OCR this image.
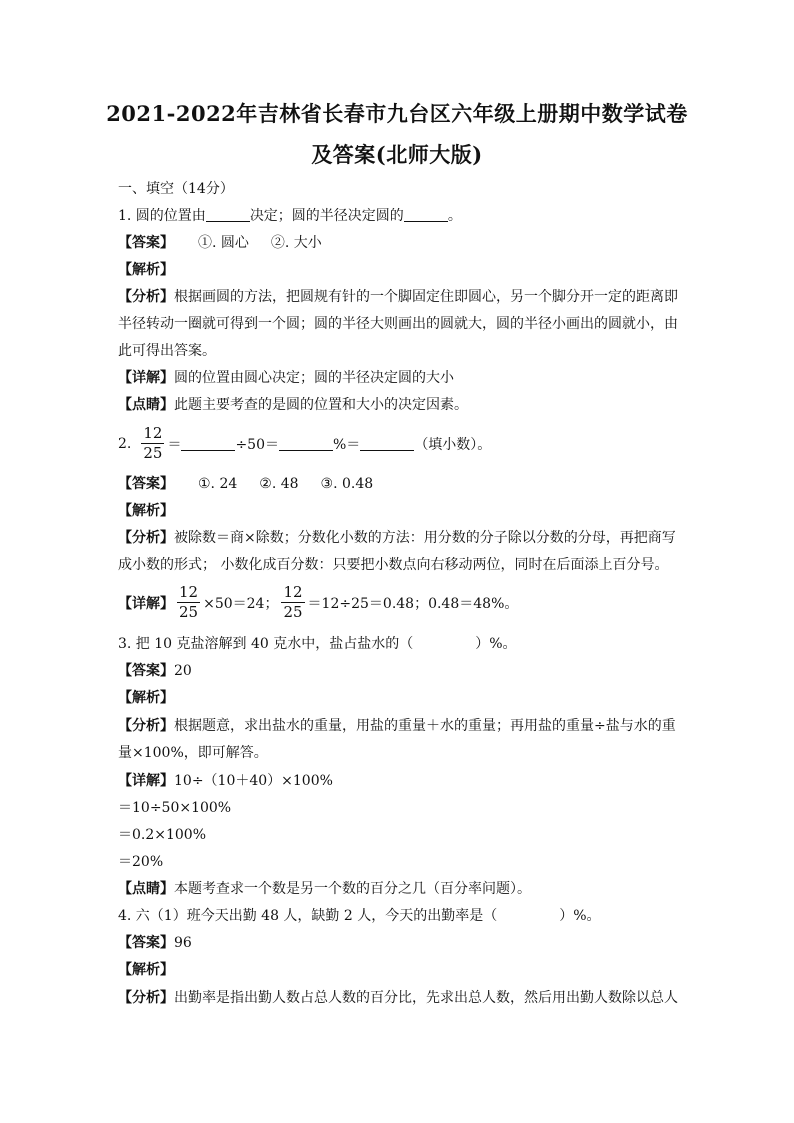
2021-2022年吉林省长春市九台区六年级上册期中数学试卷
及答案(北师大版)
一、填空（14分）
1. 圆的位置由	决定；圆的半径决定圆的	。
【答案】 ①. 圆心 ②. 大小
【解析】
【分析】根据画圆的方法，把圆规有针的一个脚固定住即圆心，另一个脚分开一定的距离即
半径转动一圈就可得到一个圆；圆的半径大则画出的圆就大，圆的半径小画出的圆就小，由
此可得出答案。
【详解】圆的位置由圆心决定；圆的半径决定圆的大小
【点睛】此题主要考查的是圆的位置和大小的决定因素。
2. $\frac{12}{25}$ ＝	÷50＝	%＝	（填小数）。
【答案】 ①. 24 ②. 48 ③. 0.48
【解析】
【分析】被除数＝商×除数；分数化小数的方法：用分数的分子除以分数的分母，再把商写
成小数的形式； 小数化成百分数：只要把小数点向右移动两位，同时在后面添上百分号。
【详解】 $\frac{12}{25} \times 50=24$； $\frac{12}{25} =12\div 25=0.48$；0.48＝48%。
3. 把 10 克盐溶解到 40 克水中，盐占盐水的（	）%。
【答案】20
【解析】
【分析】根据题意，求出盐水的重量，用盐的重量＋水的重量；再用盐的重量÷盐与水的重
量×100%，即可解答。
【详解】10÷（10＋40）×100%
＝10÷50×100%
＝0.2×100%
＝20%
【点睛】本题考查求一个数是另一个数的百分之几（百分率问题）。
4. 六（1）班今天出勤 48 人，缺勤 2 人，今天的出勤率是（	）%。
【答案】96
【解析】
【分析】出勤率是指出勤人数占总人数的百分比，先求出总人数，然后用出勤人数除以总人
